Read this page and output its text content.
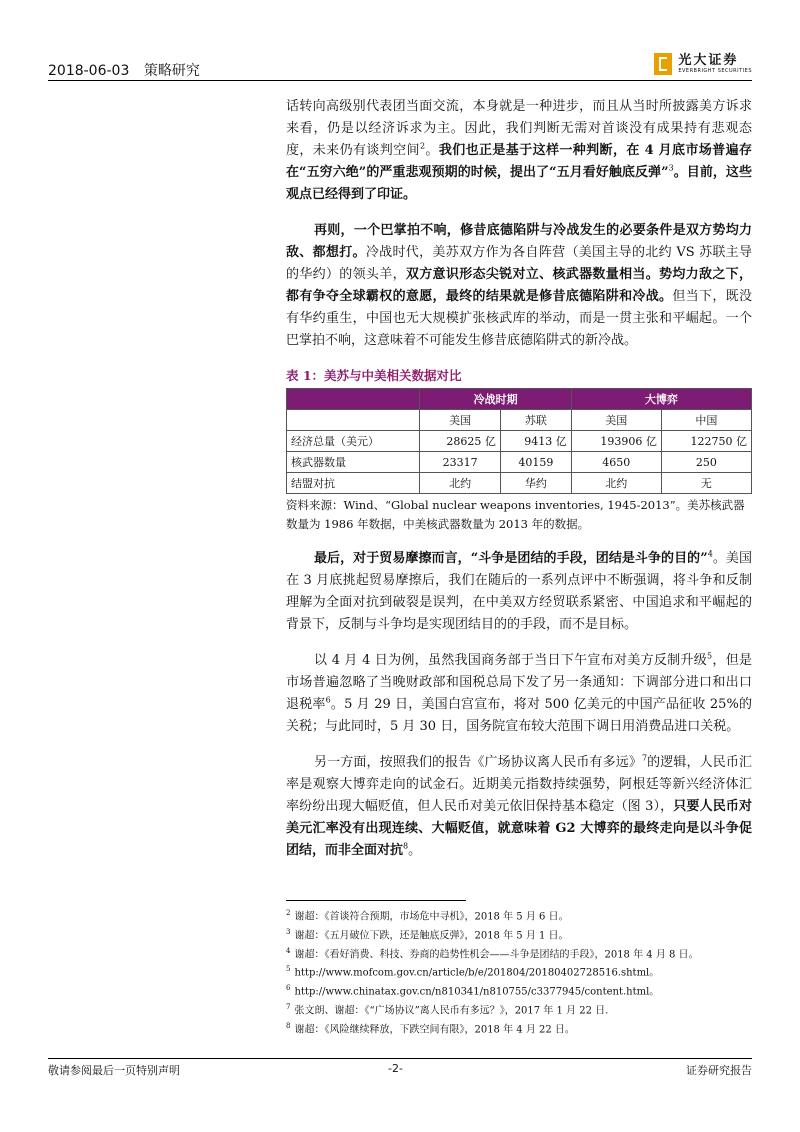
2018-06-03 策略研究
光大证券
EVERBRIGHT SECURITIES

话转向高级别代表团当面交流，本身就是一种进步，而且从当时所披露美方诉求来看，仍是以经济诉求为主。因此，我们判断无需对首谈没有成果持有悲观态度，未来仍有谈判空间$^2$。我们也正是基于这样一种判断，在 4 月底市场普遍存在“五穷六绝”的严重悲观预期的时候，提出了“五月看好触底反弹”$^3$。目前，这些观点已经得到了印证。

再则，一个巴掌拍不响，修昔底德陷阱与冷战发生的必要条件是双方势均力敌、都想打。冷战时代，美苏双方作为各自阵营（美国主导的北约 VS 苏联主导的华约）的领头羊，双方意识形态尖锐对立、核武器数量相当。势均力敌之下，都有争夺全球霸权的意愿，最终的结果就是修昔底德陷阱和冷战。但当下，既没有华约重生，中国也无大规模扩张核武库的举动，而是一贯主张和平崛起。一个巴掌拍不响，这意味着不可能发生修昔底德陷阱式的新冷战。

表 1：美苏与中美相关数据对比
	冷战时期		大博弈	
	美国	苏联	美国	中国
经济总量（美元）	28625 亿	9413 亿	193906 亿	122750 亿
核武器数量	23317	40159	4650	250
结盟对抗	北约	华约	北约	无
资料来源：Wind、“Global nuclear weapons inventories, 1945-2013”。美苏核武器数量为 1986 年数据，中美核武器数量为 2013 年的数据。

最后，对于贸易摩擦而言，“斗争是团结的手段，团结是斗争的目的”$^4$。美国在 3 月底挑起贸易摩擦后，我们在随后的一系列点评中不断强调，将斗争和反制理解为全面对抗到破裂是误判，在中美双方经贸联系紧密、中国追求和平崛起的背景下，反制与斗争均是实现团结目的的手段，而不是目标。

以 4 月 4 日为例，虽然我国商务部于当日下午宣布对美方反制升级$^5$，但是市场普遍忽略了当晚财政部和国税总局下发了另一条通知：下调部分进口和出口退税率$^6$。5 月 29 日，美国白宫宣布，将对 500 亿美元的中国产品征收 25%的关税；与此同时，5 月 30 日，国务院宣布较大范围下调日用消费品进口关税。

另一方面，按照我们的报告《广场协议离人民币有多远》$^7$的逻辑，人民币汇率是观察大博弈走向的试金石。近期美元指数持续强势，阿根廷等新兴经济体汇率纷纷出现大幅贬值，但人民币对美元依旧保持基本稳定（图 3），只要人民币对美元汇率没有出现连续、大幅贬值，就意味着 G2 大博弈的最终走向是以斗争促团结，而非全面对抗$^8$。

$^2$ 谢超：《首谈符合预期，市场危中寻机》，2018 年 5 月 6 日。

$^3$ 谢超：《五月破位下跌，还是触底反弹》，2018 年 5 月 1 日。

$^4$ 谢超：《看好消费、科技、券商的趋势性机会——斗争是团结的手段》，2018 年 4 月 8 日。

$^5$ http://www.mofcom.gov.cn/article/b/e/201804/20180402728516.shtml。

$^6$ http://www.chinatax.gov.cn/n810341/n810755/c3377945/content.html。

$^7$ 张文朗、谢超：《“广场协议”离人民币有多远？》，2017 年 1 月 22 日.

$^8$ 谢超：《风险继续释放，下跌空间有限》，2018 年 4 月 22 日。

敬请参阅最后一页特别声明	-2-	证券研究报告
